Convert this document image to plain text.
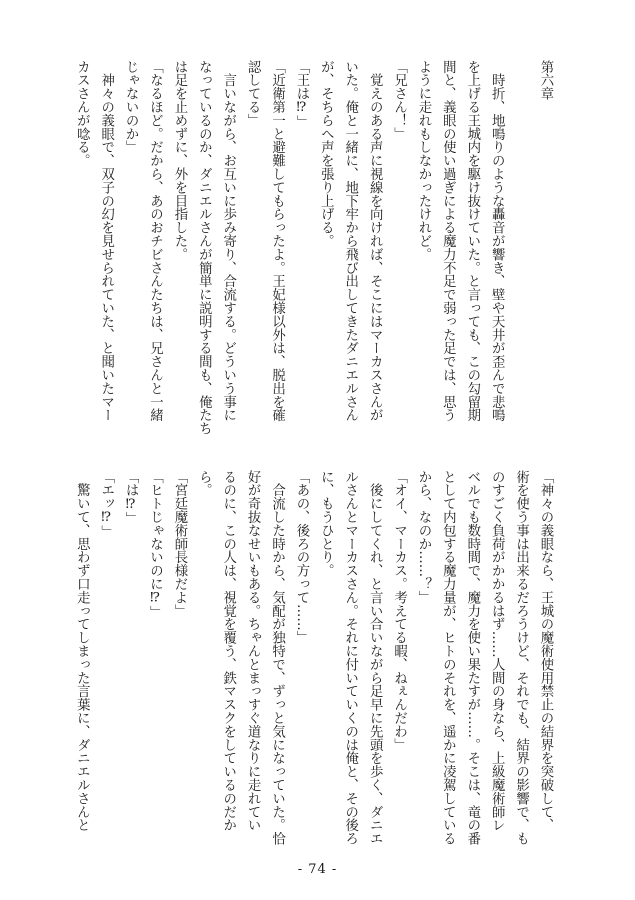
第六章

　時折、地鳴りのような轟音が響き、壁や天井が歪んで悲鳴
を上げる王城内を駆け抜けていた。と言っても、この勾留期
間と、義眼の使い過ぎによる魔力不足で弱った足では、思う
ように走れもしなかったけれど。
「兄さん！」
　覚えのある声に視線を向ければ、そこにはマーカスさんが
いた。俺と一緒に、地下牢から飛び出してきたダニエルさん
が、そちらへ声を張り上げる。
「王は⁉」
「近衛第一と避難してもらったよ。王妃様以外は、脱出を確
認してる」
　言いながら、お互いに歩み寄り、合流する。どういう事に
なっているのか、ダニエルさんが簡単に説明する間も、俺たち
は足を止めずに、外を目指した。
「なるほど。だから、あのおチビさんたちは、兄さんと一緒
じゃないのか」
　神々の義眼で、双子の幻を見せられていた、と聞いたマー
カスさんが唸る。
「神々の義眼なら、王城の魔術使用禁止の結界を突破して、
術を使う事は出来るだろうけど、それでも、結界の影響で、も
のすごく負荷がかかるはず……人間の身なら、上級魔術師レ
ベルでも数時間で、魔力を使い果たすが……。そこは、竜の番
として内包する魔力量が、ヒトのそれを、遥かに凌駕している
から、なのか……？」
「オイ、マーカス。考えてる暇、ねぇんだわ」
　後にしてくれ、と言い合いながら足早に先頭を歩く、ダニエ
ルさんとマーカスさん。それに付いていくのは俺と、その後ろ
に、もうひとり。
「あの、後ろの方って……」
　合流した時から、気配が独特で、ずっと気になっていた。恰
好が奇抜なせいもある。ちゃんとまっすぐ道なりに走れてい
るのに、この人は、視覚を覆う、鉄マスクをしているのだか
ら。
「宮廷魔術師長様だよ」
「ヒトじゃないのに⁉」
「は⁉」
「エッ⁉」
　驚いて、思わず口走ってしまった言葉に、ダニエルさんと
- 74 -
